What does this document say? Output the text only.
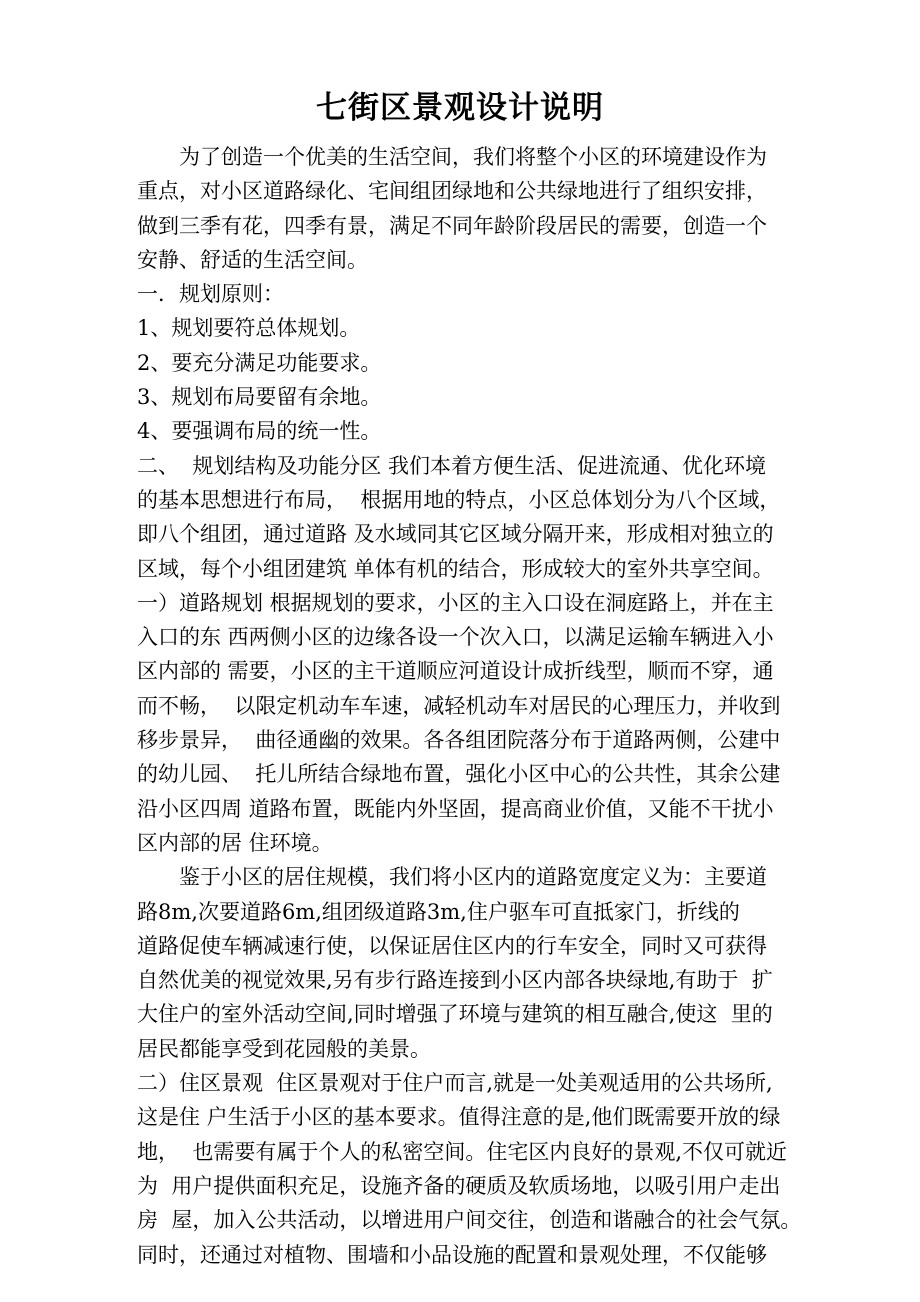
七街区景观设计说明
为了创造一个优美的生活空间，我们将整个小区的环境建设作为
重点，对小区道路绿化、宅间组团绿地和公共绿地进行了组织安排，
做到三季有花，四季有景，满足不同年龄阶段居民的需要，创造一个
安静、舒适的生活空间。
一．规划原则：
1、规划要符总体规划。
2、要充分满足功能要求。
3、规划布局要留有余地。
4、要强调布局的统一性。
二、  规划结构及功能分区 我们本着方便生活、促进流通、优化环境
的基本思想进行布局，  根据用地的特点，小区总体划分为八个区域，
即八个组团，通过道路 及水域同其它区域分隔开来，形成相对独立的
区域，每个小组团建筑 单体有机的结合，形成较大的室外共享空间。
一）道路规划 根据规划的要求，小区的主入口设在洞庭路上，并在主
入口的东 西两侧小区的边缘各设一个次入口，以满足运输车辆进入小
区内部的 需要，小区的主干道顺应河道设计成折线型，顺而不穿，通
而不畅，  以限定机动车车速，减轻机动车对居民的心理压力，并收到
移步景异，  曲径通幽的效果。各各组团院落分布于道路两侧，公建中
的幼儿园、  托儿所结合绿地布置，强化小区中心的公共性，其余公建
沿小区四周 道路布置，既能内外坚固，提高商业价值，又能不干扰小
区内部的居 住环境。
鉴于小区的居住规模，我们将小区内的道路宽度定义为：主要道
路8m,次要道路6m,组团级道路3m,住户驱车可直抵家门，折线的
道路促使车辆减速行使，以保证居住区内的行车安全，同时又可获得
自然优美的视觉效果,另有步行路连接到小区内部各块绿地,有助于  扩
大住户的室外活动空间,同时增强了环境与建筑的相互融合,使这  里的
居民都能享受到花园般的美景。
二）住区景观  住区景观对于住户而言,就是一处美观适用的公共场所,
这是住 户生活于小区的基本要求。值得注意的是,他们既需要开放的绿
地，  也需要有属于个人的私密空间。住宅区内良好的景观,不仅可就近
为  用户提供面积充足，设施齐备的硬质及软质场地，以吸引用户走出
房  屋，加入公共活动，以增进用户间交往，创造和谐融合的社会气氛。
同时，还通过对植物、围墙和小品设施的配置和景观处理，不仅能够
